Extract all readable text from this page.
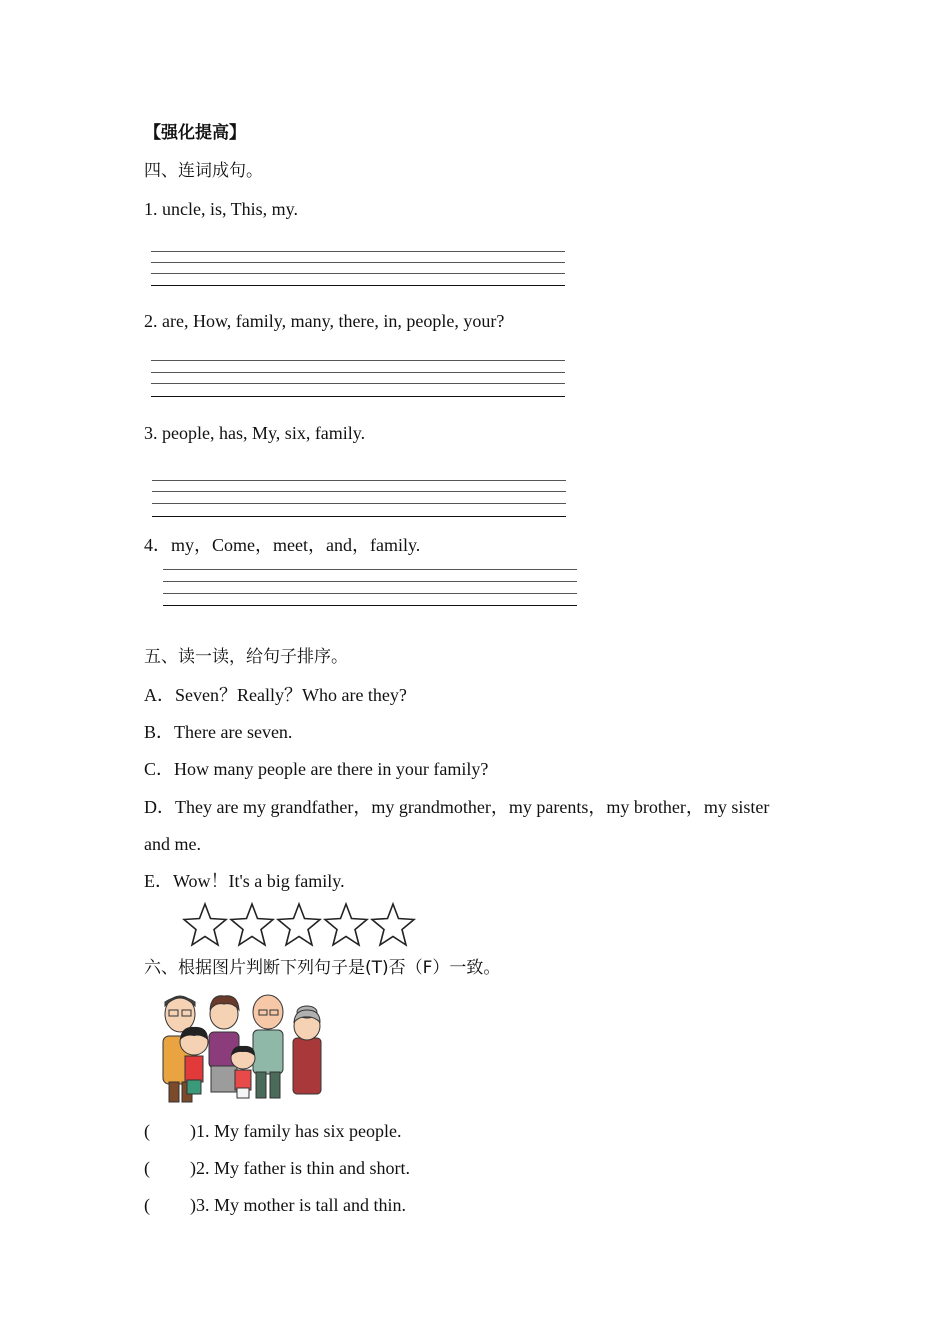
【强化提高】
四、连词成句。
1. uncle, is, This, my.
2. are, How, family, many, there, in, people, your?
3. people, has, My, six, family.
4．my，Come，meet，and，family.
五、读一读，给句子排序。
A．Seven？Really？Who are they?
B．There are seven.
C．How many people are there in your family?
D．They are my grandfather，my grandmother，my parents，my brother，my sister
and me.
E．Wow！It's a big family.
六、根据图片判断下列句子是(T)否（F）一致。
( )1. My family has six people.
( )2. My father is thin and short.
( )3. My mother is tall and thin.
